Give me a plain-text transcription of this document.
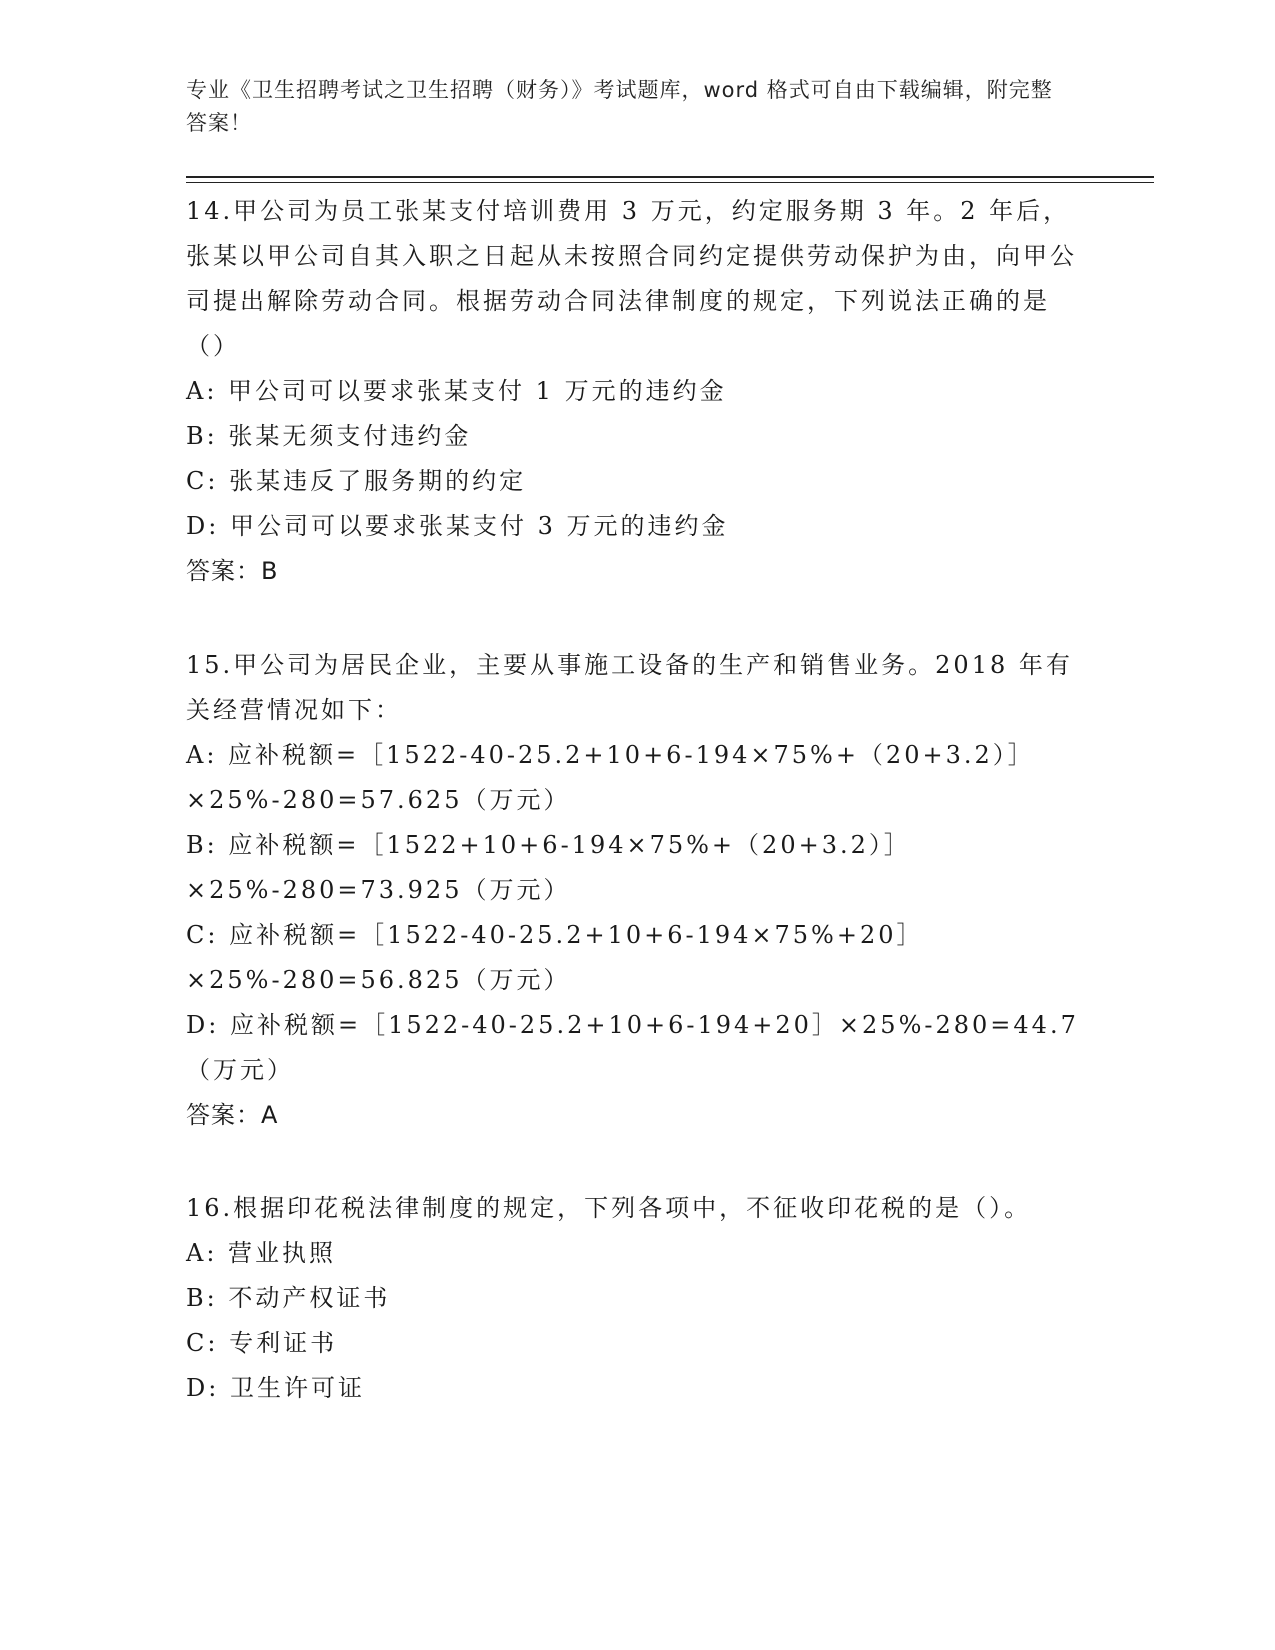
专业《卫生招聘考试之卫生招聘（财务）》考试题库，word 格式可自由下载编辑，附完整答案！

14.甲公司为员工张某支付培训费用 3 万元，约定服务期 3 年。2 年后，张某以甲公司自其入职之日起从未按照合同约定提供劳动保护为由，向甲公司提出解除劳动合同。根据劳动合同法律制度的规定，下列说法正确的是（）

A: 甲公司可以要求张某支付 1 万元的违约金

B: 张某无须支付违约金

C: 张某违反了服务期的约定

D: 甲公司可以要求张某支付 3 万元的违约金

答案：B

15.甲公司为居民企业，主要从事施工设备的生产和销售业务。2018 年有关经营情况如下：

A: 应补税额=［1522-40-25.2+10+6-194×75%+（20+3.2）］×25%-280=57.625（万元）

B: 应补税额=［1522+10+6-194×75%+（20+3.2）］×25%-280=73.925（万元）

C: 应补税额=［1522-40-25.2+10+6-194×75%+20］×25%-280=56.825（万元）

D: 应补税额=［1522-40-25.2+10+6-194+20］×25%-280=44.7（万元）

答案：A

16.根据印花税法律制度的规定，下列各项中，不征收印花税的是（）。

A: 营业执照

B: 不动产权证书

C: 专利证书

D: 卫生许可证
